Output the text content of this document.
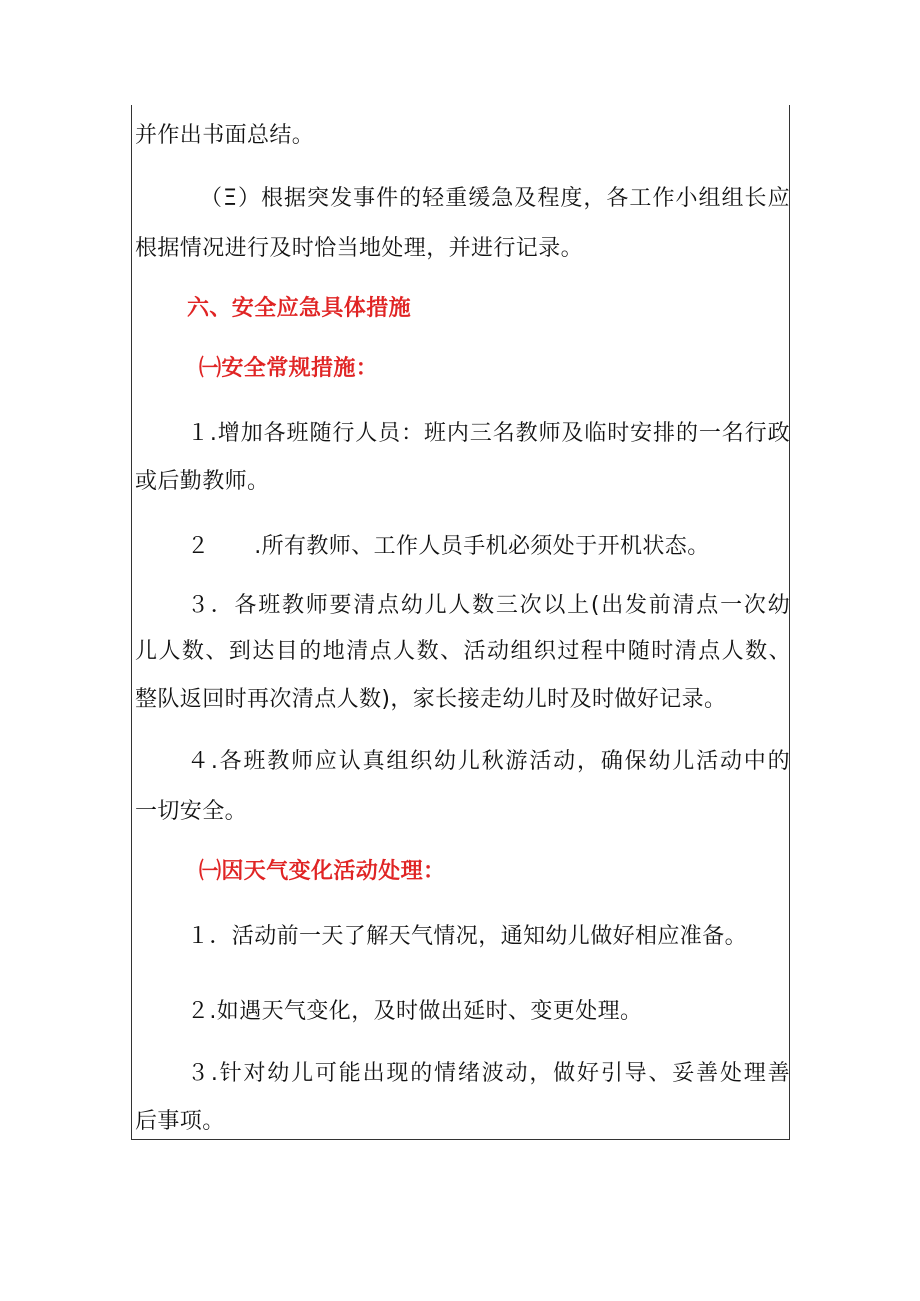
并作出书面总结。
（Ξ）根据突发事件的轻重缓急及程度，各工作小组组长应
根据情况进行及时恰当地处理，并进行记录。
六、安全应急具体措施
㈠安全常规措施：
１.增加各班随行人员：班内三名教师及临时安排的一名行政
或后勤教师。
２　　.所有教师、工作人员手机必须处于开机状态。
３．各班教师要清点幼儿人数三次以上(出发前清点一次幼
儿人数、到达目的地清点人数、活动组织过程中随时清点人数、
整队返回时再次清点人数)，家长接走幼儿时及时做好记录。
４.各班教师应认真组织幼儿秋游活动，确保幼儿活动中的
一切安全。
㈠因天气变化活动处理：
１．活动前一天了解天气情况，通知幼儿做好相应准备。
２.如遇天气变化，及时做出延时、变更处理。
３.针对幼儿可能出现的情绪波动，做好引导、妥善处理善
后事项。
